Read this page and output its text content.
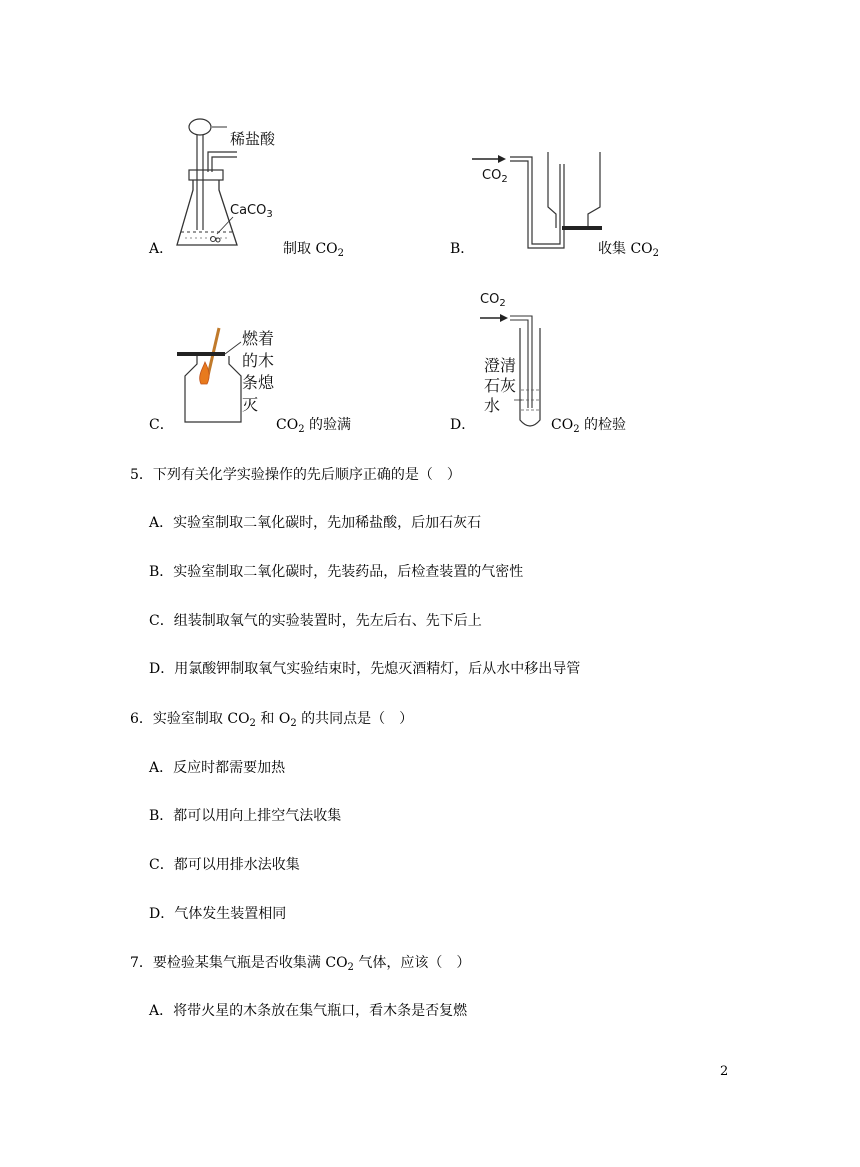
稀盐酸
CaCO$_3$
A．	制取 $CO_2$
$CO_2$
B．	收集 $CO_2$
燃着
的木
条熄
灭
C．	$CO_2$ 的验满
$CO_2$
澄清
石灰
水
D．	$CO_2$ 的检验
5．下列有关化学实验操作的先后顺序正确的是（　）
A．实验室制取二氧化碳时，先加稀盐酸，后加石灰石
B．实验室制取二氧化碳时，先装药品，后检查装置的气密性
C．组装制取氧气的实验装置时，先左后右、先下后上
D．用氯酸钾制取氧气实验结束时，先熄灭酒精灯，后从水中移出导管
6．实验室制取 $CO_2$ 和 $O_2$ 的共同点是（　）
A．反应时都需要加热
B．都可以用向上排空气法收集
C．都可以用排水法收集
D．气体发生装置相同
7．要检验某集气瓶是否收集满 $CO_2$ 气体，应该（　）
A．将带火星的木条放在集气瓶口，看木条是否复燃
2
